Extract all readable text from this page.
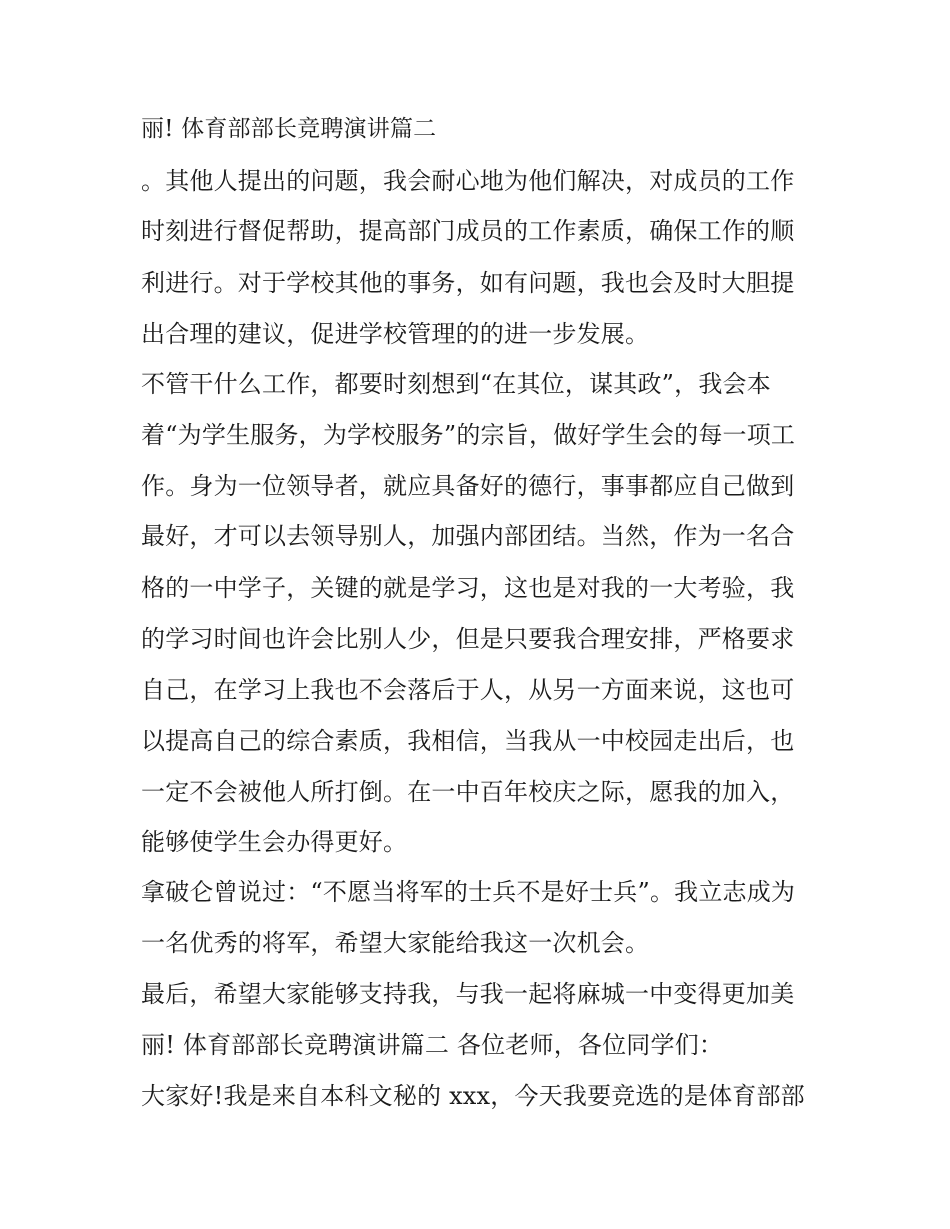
丽! 体育部部长竞聘演讲篇二

。其他人提出的问题，我会耐心地为他们解决，对成员的工作

时刻进行督促帮助，提高部门成员的工作素质，确保工作的顺

利进行。对于学校其他的事务，如有问题，我也会及时大胆提

出合理的建议，促进学校管理的的进一步发展。

不管干什么工作，都要时刻想到“在其位，谋其政”，我会本

着“为学生服务，为学校服务”的宗旨，做好学生会的每一项工

作。身为一位领导者，就应具备好的德行，事事都应自己做到

最好，才可以去领导别人，加强内部团结。当然，作为一名合

格的一中学子，关键的就是学习，这也是对我的一大考验，我

的学习时间也许会比别人少，但是只要我合理安排，严格要求

自己，在学习上我也不会落后于人，从另一方面来说，这也可

以提高自己的综合素质，我相信，当我从一中校园走出后，也

一定不会被他人所打倒。在一中百年校庆之际，愿我的加入，

能够使学生会办得更好。

拿破仑曾说过：“不愿当将军的士兵不是好士兵”。我立志成为

一名优秀的将军，希望大家能给我这一次机会。

最后，希望大家能够支持我，与我一起将麻城一中变得更加美

丽! 体育部部长竞聘演讲篇二 各位老师，各位同学们：

大家好!我是来自本科文秘的 xxx，今天我要竞选的是体育部部
